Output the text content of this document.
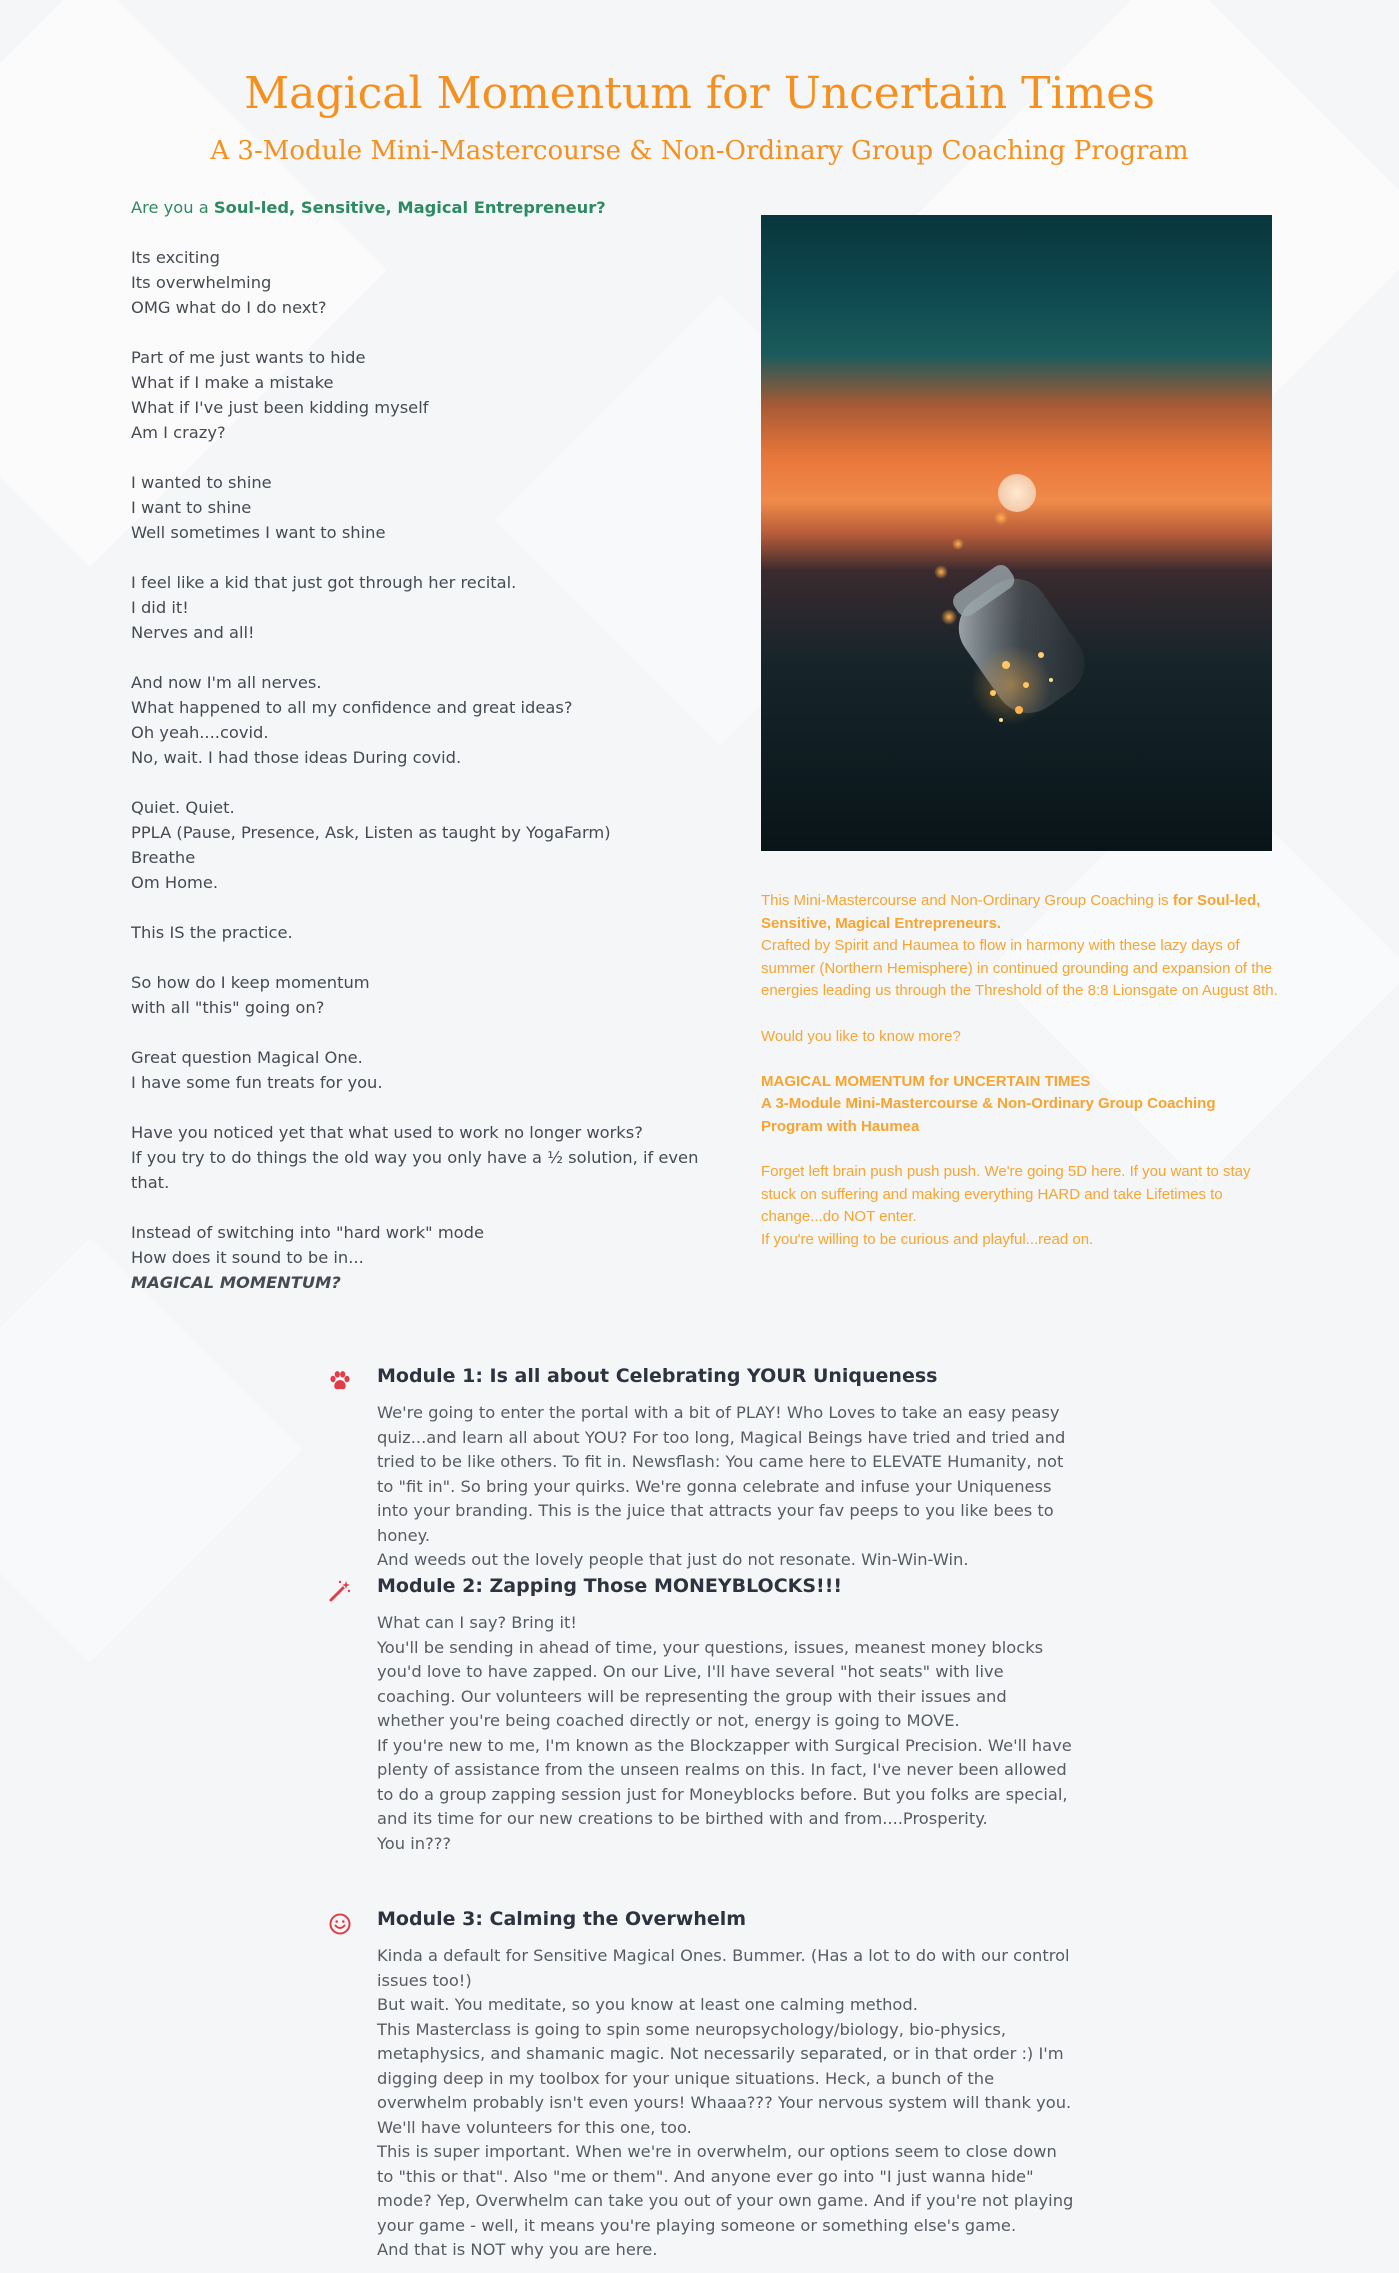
Magical Momentum for Uncertain Times
A 3-Module Mini-Mastercourse & Non-Ordinary Group Coaching Program

Are you a Soul-led, Sensitive, Magical Entrepreneur?

Its exciting
Its overwhelming
OMG what do I do next?
Part of me just wants to hide
What if I make a mistake
What if I've just been kidding myself
Am I crazy?
I wanted to shine
I want to shine
Well sometimes I want to shine
I feel like a kid that just got through her recital.
I did it!
Nerves and all!
And now I'm all nerves.
What happened to all my confidence and great ideas?
Oh yeah....covid.
No, wait. I had those ideas During covid.
Quiet. Quiet.
PPLA (Pause, Presence, Ask, Listen as taught by YogaFarm)
Breathe
Om Home.
This IS the practice.
So how do I keep momentum
with all "this" going on?
Great question Magical One.
I have some fun treats for you.
Have you noticed yet that what used to work no longer works?
If you try to do things the old way you only have a ½ solution, if even that.
Instead of switching into "hard work" mode
How does it sound to be in...
MAGICAL MOMENTUM?

This Mini-Mastercourse and Non-Ordinary Group Coaching is for Soul-led, Sensitive, Magical Entrepreneurs.
Crafted by Spirit and Haumea to flow in harmony with these lazy days of summer (Northern Hemisphere) in continued grounding and expansion of the energies leading us through the Threshold of the 8:8 Lionsgate on August 8th.

Would you like to know more?

MAGICAL MOMENTUM for UNCERTAIN TIMES
A 3-Module Mini-Mastercourse & Non-Ordinary Group Coaching Program with Haumea

Forget left brain push push push. We're going 5D here. If you want to stay stuck on suffering and making everything HARD and take Lifetimes to change...do NOT enter.
If you're willing to be curious and playful...read on.

Module 1: Is all about Celebrating YOUR Uniqueness
We're going to enter the portal with a bit of PLAY! Who Loves to take an easy peasy quiz...and learn all about YOU? For too long, Magical Beings have tried and tried and tried to be like others. To fit in. Newsflash: You came here to ELEVATE Humanity, not to "fit in". So bring your quirks. We're gonna celebrate and infuse your Uniqueness into your branding. This is the juice that attracts your fav peeps to you like bees to honey.
And weeds out the lovely people that just do not resonate. Win-Win-Win.
Module 2: Zapping Those MONEYBLOCKS!!!
What can I say? Bring it!
You'll be sending in ahead of time, your questions, issues, meanest money blocks you'd love to have zapped. On our Live, I'll have several "hot seats" with live coaching. Our volunteers will be representing the group with their issues and whether you're being coached directly or not, energy is going to MOVE.
If you're new to me, I'm known as the Blockzapper with Surgical Precision. We'll have plenty of assistance from the unseen realms on this. In fact, I've never been allowed to do a group zapping session just for Moneyblocks before. But you folks are special, and its time for our new creations to be birthed with and from....Prosperity.
You in???
Module 3: Calming the Overwhelm
Kinda a default for Sensitive Magical Ones. Bummer. (Has a lot to do with our control issues too!)
But wait. You meditate, so you know at least one calming method.
This Masterclass is going to spin some neuropsychology/biology, bio-physics, metaphysics, and shamanic magic. Not necessarily separated, or in that order :) I'm digging deep in my toolbox for your unique situations. Heck, a bunch of the overwhelm probably isn't even yours! Whaaa??? Your nervous system will thank you. We'll have volunteers for this one, too.
This is super important. When we're in overwhelm, our options seem to close down to "this or that". Also "me or them". And anyone ever go into "I just wanna hide" mode? Yep, Overwhelm can take you out of your own game. And if you're not playing your game - well, it means you're playing someone or something else's game.
And that is NOT why you are here.
